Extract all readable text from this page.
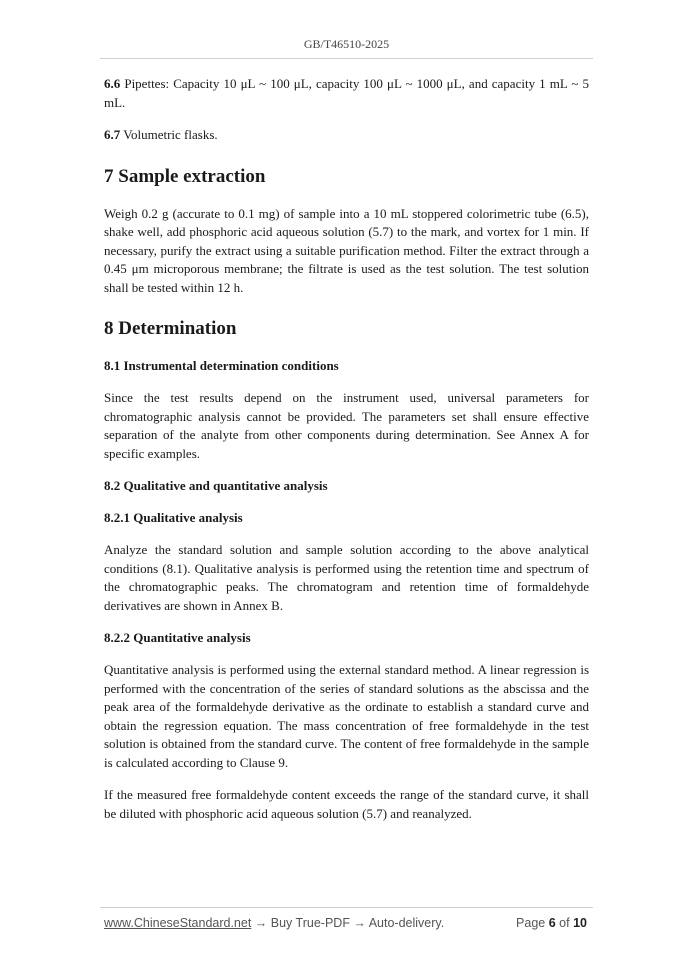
GB/T46510-2025

6.6 Pipettes: Capacity 10 μL ~ 100 μL, capacity 100 μL ~ 1000 μL, and capacity 1 mL ~ 5 mL.

6.7 Volumetric flasks.

7 Sample extraction

Weigh 0.2 g (accurate to 0.1 mg) of sample into a 10 mL stoppered colorimetric tube (6.5), shake well, add phosphoric acid aqueous solution (5.7) to the mark, and vortex for 1 min. If necessary, purify the extract using a suitable purification method. Filter the extract through a 0.45 μm microporous membrane; the filtrate is used as the test solution. The test solution shall be tested within 12 h.

8 Determination
8.1 Instrumental determination conditions

Since the test results depend on the instrument used, universal parameters for chromatographic analysis cannot be provided. The parameters set shall ensure effective separation of the analyte from other components during determination. See Annex A for specific examples.

8.2 Qualitative and quantitative analysis
8.2.1 Qualitative analysis

Analyze the standard solution and sample solution according to the above analytical conditions (8.1). Qualitative analysis is performed using the retention time and spectrum of the chromatographic peaks. The chromatogram and retention time of formaldehyde derivatives are shown in Annex B.

8.2.2 Quantitative analysis

Quantitative analysis is performed using the external standard method. A linear regression is performed with the concentration of the series of standard solutions as the abscissa and the peak area of the formaldehyde derivative as the ordinate to establish a standard curve and obtain the regression equation. The mass concentration of free formaldehyde in the test solution is obtained from the standard curve. The content of free formaldehyde in the sample is calculated according to Clause 9.

If the measured free formaldehyde content exceeds the range of the standard curve, it shall be diluted with phosphoric acid aqueous solution (5.7) and reanalyzed.

www.ChineseStandard.net → Buy True-PDF → Auto-delivery.	Page 6 of 10
